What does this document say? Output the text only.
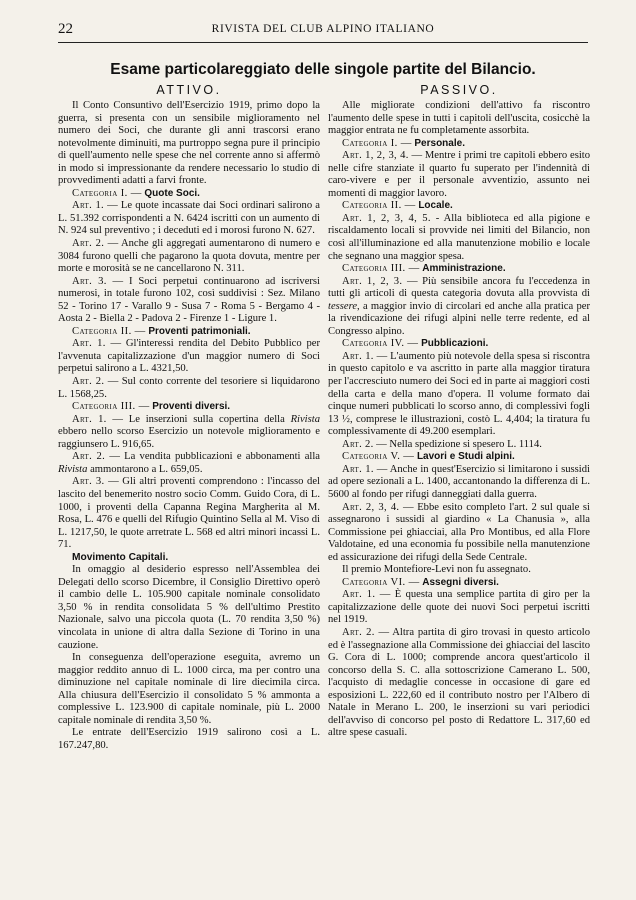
22	RIVISTA DEL CLUB ALPINO ITALIANO
Esame particolareggiato delle singole partite del Bilancio.
ATTIVO.

Il Conto Consuntivo dell'Esercizio 1919, primo dopo la guerra, si presenta con un sensibile miglioramento nel numero dei Soci, che durante gli anni trascorsi erano notevolmente diminuiti, ma purtroppo segna pure il principio di quell'aumento nelle spese che nel corrente anno si affermò in modo si impressionante da rendere necessario lo studio di provvedimenti adatti a farvi fronte.

Categoria I. — Quote Soci.

Art. 1. — Le quote incassate dai Soci ordinari salirono a L. 51.392 corrispondenti a N. 6424 iscritti con un aumento di N. 924 sul preventivo ; i deceduti ed i morosi furono N. 627.

Art. 2. — Anche gli aggregati aumentarono di numero e 3084 furono quelli che pagarono la quota dovuta, mentre per morte e morosità se ne cancellarono N. 311.

Art. 3. — I Soci perpetui continuarono ad iscriversi numerosi, in totale furono 102, così suddivisi : Sez. Milano 52 - Torino 17 - Varallo 9 - Susa 7 - Roma 5 - Bergamo 4 - Aosta 2 - Biella 2 - Padova 2 - Firenze 1 - Ligure 1.

Categoria II. — Proventi patrimoniali.

Art. 1. — Gl'interessi rendita del Debito Pubblico per l'avvenuta capitalizzazione d'un maggior numero di Soci perpetui salirono a L. 4321,50.

Art. 2. — Sul conto corrente del tesoriere si liquidarono L. 1568,25.

Categoria III. — Proventi diversi.

Art. 1. — Le inserzioni sulla copertina della Rivista ebbero nello scorso Esercizio un notevole miglioramento e raggiunsero L. 916,65.

Art. 2. — La vendita pubblicazioni e abbonamenti alla Rivista ammontarono a L. 659,05.

Art. 3. — Gli altri proventi comprendono : l'incasso del lascito del benemerito nostro socio Comm. Guido Cora, di L. 1000, i proventi della Capanna Regina Margherita al M. Rosa, L. 476 e quelli del Rifugio Quintino Sella al M. Viso di L. 1217,50, le quote arretrate L. 568 ed altri minori incassi L. 71.

Movimento Capitali.

In omaggio al desiderio espresso nell'Assemblea dei Delegati dello scorso Dicembre, il Consiglio Direttivo operò il cambio delle L. 105.900 capitale nominale consolidato 3,50 % in rendita consolidata 5 % dell'ultimo Prestito Nazionale, salvo una piccola quota (L. 70 rendita 3,50 %) vincolata in unione di altra dalla Sezione di Torino in una cauzione.

In conseguenza dell'operazione eseguita, avremo un maggior reddito annuo di L. 1000 circa, ma per contro una diminuzione nel capitale nominale di lire diecimila circa. Alla chiusura dell'Esercizio il consolidato 5 % ammonta a complessive L. 123.900 di capitale nominale, più L. 2000 capitale nominale di rendita 3,50 %.

Le entrate dell'Esercizio 1919 salirono così a L. 167.247,80.

PASSIVO.

Alle migliorate condizioni dell'attivo fa riscontro l'aumento delle spese in tutti i capitoli dell'uscita, cosicchè la maggior entrata ne fu completamente assorbita.

Categoria I. — Personale.

Art. 1, 2, 3, 4. — Mentre i primi tre capitoli ebbero esito nelle cifre stanziate il quarto fu superato per l'indennità di caro-vivere e per il personale avventizio, assunto nei momenti di maggior lavoro.

Categoria II. — Locale.

Art. 1, 2, 3, 4, 5. - Alla biblioteca ed alla pigione e riscaldamento locali si provvide nei limiti del Bilancio, non così all'illuminazione ed alla manutenzione mobilio e locale che segnano una maggior spesa.

Categoria III. — Amministrazione.

Art. 1, 2, 3. — Più sensibile ancora fu l'eccedenza in tutti gli articoli di questa categoria dovuta alla provvista di tessere, a maggior invio di circolari ed anche alla pratica per la rivendicazione dei rifugi alpini nelle terre redente, ed al Congresso alpino.

Categoria IV. — Pubblicazioni.

Art. 1. — L'aumento più notevole della spesa si riscontra in questo capitolo e va ascritto in parte alla maggior tiratura per l'accresciuto numero dei Soci ed in parte ai maggiori costi della carta e della mano d'opera. Il volume formato dai cinque numeri pubblicati lo scorso anno, di complessivi fogli 13 ½, comprese le illustrazioni, costò L. 4,404; la tiratura fu complessivamente di 49.200 esemplari.

Art. 2. — Nella spedizione si spesero L. 1114.

Categoria V. — Lavori e Studi alpini.

Art. 1. — Anche in quest'Esercizio si limitarono i sussidi ad opere sezionali a L. 1400, accantonando la differenza di L. 5600 al fondo per rifugi danneggiati dalla guerra.

Art. 2, 3, 4. — Ebbe esito completo l'art. 2 sul quale si assegnarono i sussidi al giardino « La Chanusia », alla Commissione pei ghiacciai, alla Pro Montibus, ed alla Flore Valdotaine, ed una economia fu possibile nella manutenzione ed assicurazione dei rifugi della Sede Centrale.

Il premio Montefiore-Levi non fu assegnato.

Categoria VI. — Assegni diversi.

Art. 1. — È questa una semplice partita di giro per la capitalizzazione delle quote dei nuovi Soci perpetui iscritti nel 1919.

Art. 2. — Altra partita di giro trovasi in questo articolo ed è l'assegnazione alla Commissione dei ghiacciai del lascito G. Cora di L. 1000; comprende ancora quest'articolo il concorso della S. C. alla sottoscrizione Camerano L. 500, l'acquisto di medaglie concesse in occasione di gare ed esposizioni L. 222,60 ed il contributo nostro per l'Albero di Natale in Merano L. 200, le inserzioni su vari periodici dell'avviso di concorso pel posto di Redattore L. 317,60 ed altre spese casuali.
